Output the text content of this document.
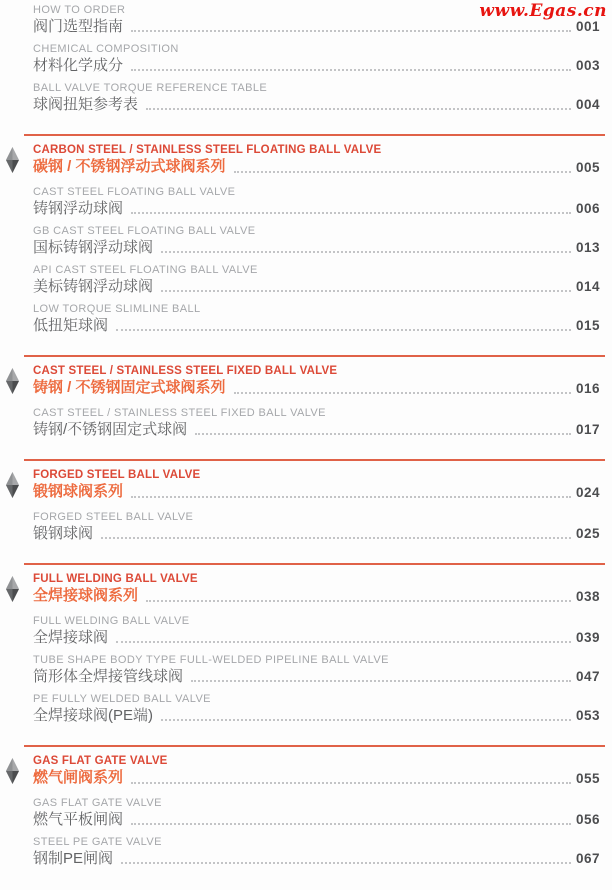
www.Egas.cn
HOW TO ORDER
阀门选型指南	001
CHEMICAL COMPOSITION
材料化学成分	003
BALL VALVE TORQUE REFERENCE TABLE
球阀扭矩参考表	004
CARBON STEEL / STAINLESS STEEL FLOATING BALL VALVE
碳钢 / 不锈钢浮动式球阀系列	005
CAST STEEL FLOATING BALL VALVE
铸钢浮动球阀	006
GB CAST STEEL FLOATING BALL VALVE
国标铸钢浮动球阀	013
API CAST STEEL FLOATING BALL VALVE
美标铸钢浮动球阀	014
LOW TORQUE SLIMLINE BALL
低扭矩球阀	015
CAST STEEL / STAINLESS STEEL FIXED BALL VALVE
铸钢 / 不锈钢固定式球阀系列	016
CAST STEEL / STAINLESS STEEL FIXED BALL VALVE
铸钢/不锈钢固定式球阀	017
FORGED STEEL BALL VALVE
锻钢球阀系列	024
FORGED STEEL BALL VALVE
锻钢球阀	025
FULL WELDING BALL VALVE
全焊接球阀系列	038
FULL WELDING BALL VALVE
全焊接球阀	039
TUBE SHAPE BODY TYPE FULL-WELDED PIPELINE BALL VALVE
筒形体全焊接管线球阀	047
PE FULLY WELDED BALL VALVE
全焊接球阀(PE端)	053
GAS FLAT GATE VALVE
燃气闸阀系列	055
GAS FLAT GATE VALVE
燃气平板闸阀	056
STEEL PE GATE VALVE
钢制PE闸阀	067
